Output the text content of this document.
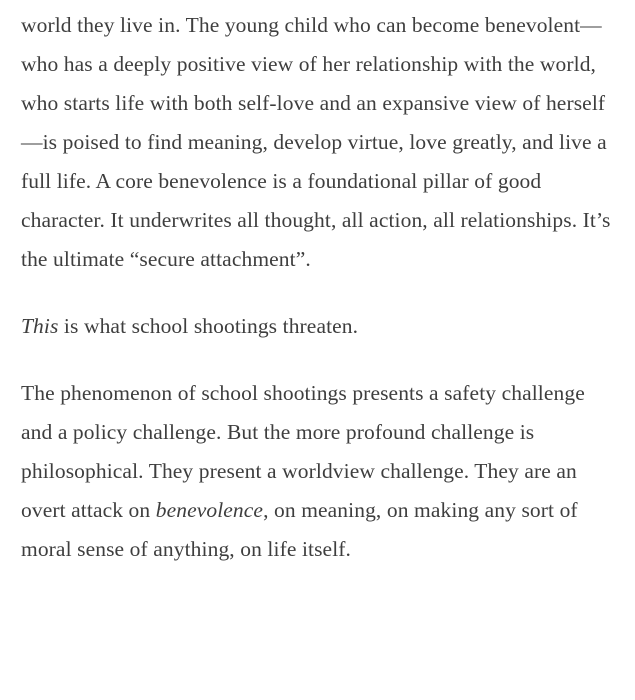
world they live in. The young child who can become benevolent—who has a deeply positive view of her relationship with the world, who starts life with both self-love and an expansive view of herself—is poised to find meaning, develop virtue, love greatly, and live a full life. A core benevolence is a foundational pillar of good character. It underwrites all thought, all action, all relationships. It’s the ultimate “secure attachment”.

This is what school shootings threaten.

The phenomenon of school shootings presents a safety challenge and a policy challenge. But the more profound challenge is philosophical. They present a worldview challenge. They are an overt attack on benevolence, on meaning, on making any sort of moral sense of anything, on life itself.
